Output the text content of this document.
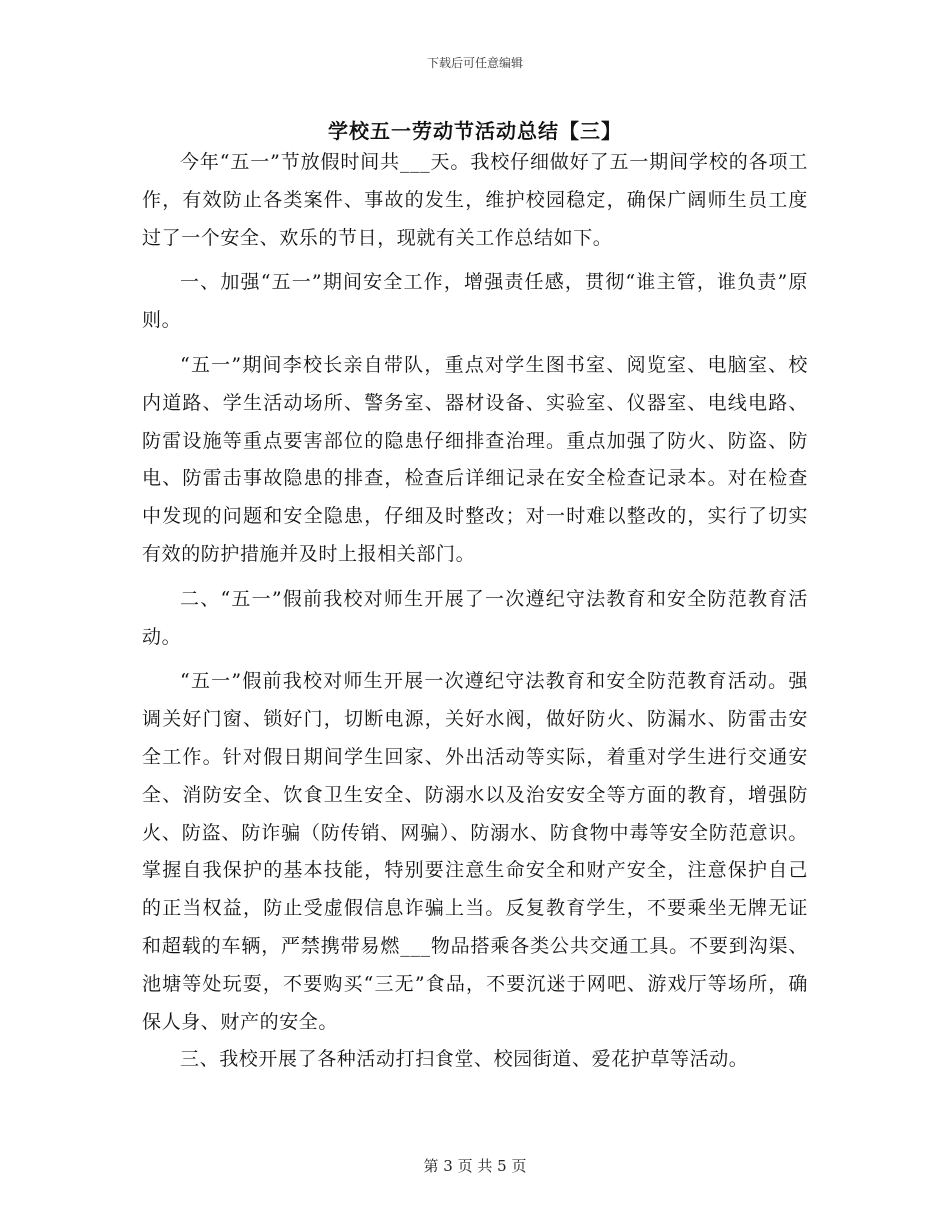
下载后可任意编辑
学校五一劳动节活动总结【三】

今年“五一”节放假时间共___天。我校仔细做好了五一期间学校的各项工作，有效防止各类案件、事故的发生，维护校园稳定，确保广阔师生员工度过了一个安全、欢乐的节日，现就有关工作总结如下。

一、加强“五一”期间安全工作，增强责任感，贯彻“谁主管，谁负责”原则。

“五一”期间李校长亲自带队，重点对学生图书室、阅览室、电脑室、校内道路、学生活动场所、警务室、器材设备、实验室、仪器室、电线电路、防雷设施等重点要害部位的隐患仔细排查治理。重点加强了防火、防盗、防电、防雷击事故隐患的排查，检查后详细记录在安全检查记录本。对在检查中发现的问题和安全隐患，仔细及时整改；对一时难以整改的，实行了切实有效的防护措施并及时上报相关部门。

二、“五一”假前我校对师生开展了一次遵纪守法教育和安全防范教育活动。

“五一”假前我校对师生开展一次遵纪守法教育和安全防范教育活动。强调关好门窗、锁好门，切断电源，关好水阀，做好防火、防漏水、防雷击安全工作。针对假日期间学生回家、外出活动等实际，着重对学生进行交通安全、消防安全、饮食卫生安全、防溺水以及治安安全等方面的教育，增强防火、防盗、防诈骗（防传销、网骗）、防溺水、防食物中毒等安全防范意识。掌握自我保护的基本技能，特别要注意生命安全和财产安全，注意保护自己的正当权益，防止受虚假信息诈骗上当。反复教育学生，不要乘坐无牌无证和超载的车辆，严禁携带易燃___物品搭乘各类公共交通工具。不要到沟渠、池塘等处玩耍，不要购买“三无”食品，不要沉迷于网吧、游戏厅等场所，确保人身、财产的安全。

三、我校开展了各种活动打扫食堂、校园街道、爱花护草等活动。

第 3 页 共 5 页
